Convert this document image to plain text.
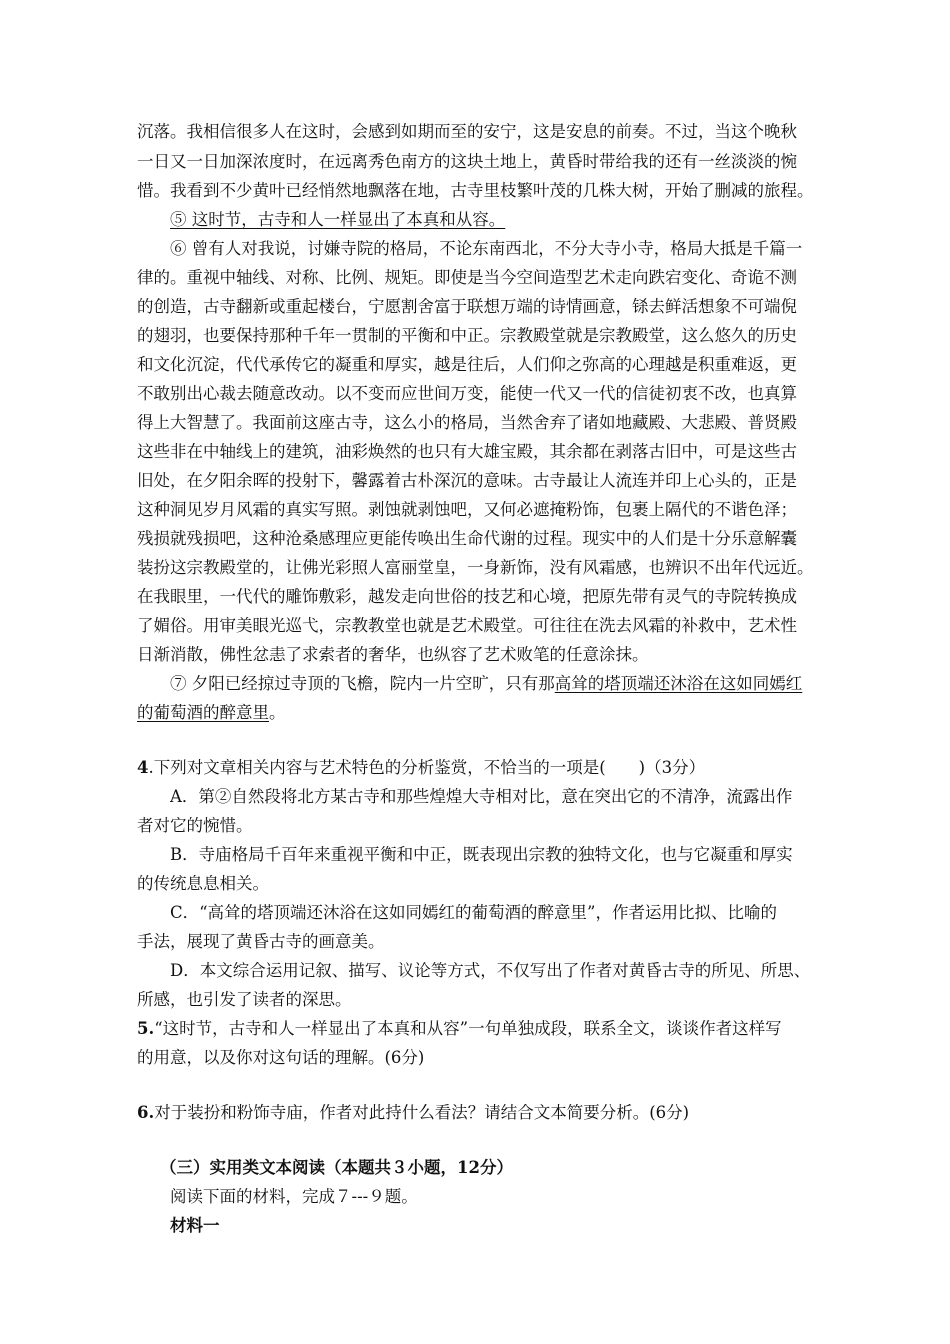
沉落。我相信很多人在这时，会感到如期而至的安宁，这是安息的前奏。不过，当这个晚秋
一日又一日加深浓度时，在远离秀色南方的这块土地上，黄昏时带给我的还有一丝淡淡的惋
惜。我看到不少黄叶已经悄然地飘落在地，古寺里枝繁叶茂的几株大树，开始了删减的旅程。
⑤ 这时节，古寺和人一样显出了本真和从容。
⑥ 曾有人对我说，讨嫌寺院的格局，不论东南西北，不分大寺小寺，格局大抵是千篇一
律的。重视中轴线、对称、比例、规矩。即使是当今空间造型艺术走向跌宕变化、奇诡不测
的创造，古寺翻新或重起楼台，宁愿割舍富于联想万端的诗情画意，铩去鲜活想象不可端倪
的翅羽，也要保持那种千年一贯制的平衡和中正。宗教殿堂就是宗教殿堂，这么悠久的历史
和文化沉淀，代代承传它的凝重和厚实，越是往后，人们仰之弥高的心理越是积重难返，更
不敢别出心裁去随意改动。以不变而应世间万变，能使一代又一代的信徒初衷不改，也真算
得上大智慧了。我面前这座古寺，这么小的格局，当然舍弃了诸如地藏殿、大悲殿、普贤殿
这些非在中轴线上的建筑，油彩焕然的也只有大雄宝殿，其余都在剥落古旧中，可是这些古
旧处，在夕阳余晖的投射下，馨露着古朴深沉的意味。古寺最让人流连并印上心头的，正是
这种洞见岁月风霜的真实写照。剥蚀就剥蚀吧，又何必遮掩粉饰，包裹上隔代的不谐色泽；
残损就残损吧，这种沧桑感理应更能传唤出生命代谢的过程。现实中的人们是十分乐意解囊
装扮这宗教殿堂的，让佛光彩照人富丽堂皇，一身新饰，没有风霜感，也辨识不出年代远近。
在我眼里，一代代的雕饰敷彩，越发走向世俗的技艺和心境，把原先带有灵气的寺院转换成
了媚俗。用审美眼光巡弋，宗教教堂也就是艺术殿堂。可往往在洗去风霜的补救中，艺术性
日渐消散，佛性忿恚了求索者的奢华，也纵容了艺术败笔的任意涂抹。
⑦ 夕阳已经掠过寺顶的飞檐，院内一片空旷，只有那高耸的塔顶端还沐浴在这如同嫣红
的葡萄酒的醉意里。
4.下列对文章相关内容与艺术特色的分析鉴赏，不恰当的一项是(　　)（3分）
A．第②自然段将北方某古寺和那些煌煌大寺相对比，意在突出它的不清净，流露出作
者对它的惋惜。
B．寺庙格局千百年来重视平衡和中正，既表现出宗教的独特文化，也与它凝重和厚实
的传统息息相关。
C．“高耸的塔顶端还沐浴在这如同嫣红的葡萄酒的醉意里”，作者运用比拟、比喻的
手法，展现了黄昏古寺的画意美。
D．本文综合运用记叙、描写、议论等方式，不仅写出了作者对黄昏古寺的所见、所思、
所感，也引发了读者的深思。
5.“这时节，古寺和人一样显出了本真和从容”一句单独成段，联系全文，谈谈作者这样写
的用意，以及你对这句话的理解。(6分)
6.对于装扮和粉饰寺庙，作者对此持什么看法？请结合文本简要分析。(6分)
（三）实用类文本阅读（本题共３小题，12分）
阅读下面的材料，完成７---９题。
材料一
